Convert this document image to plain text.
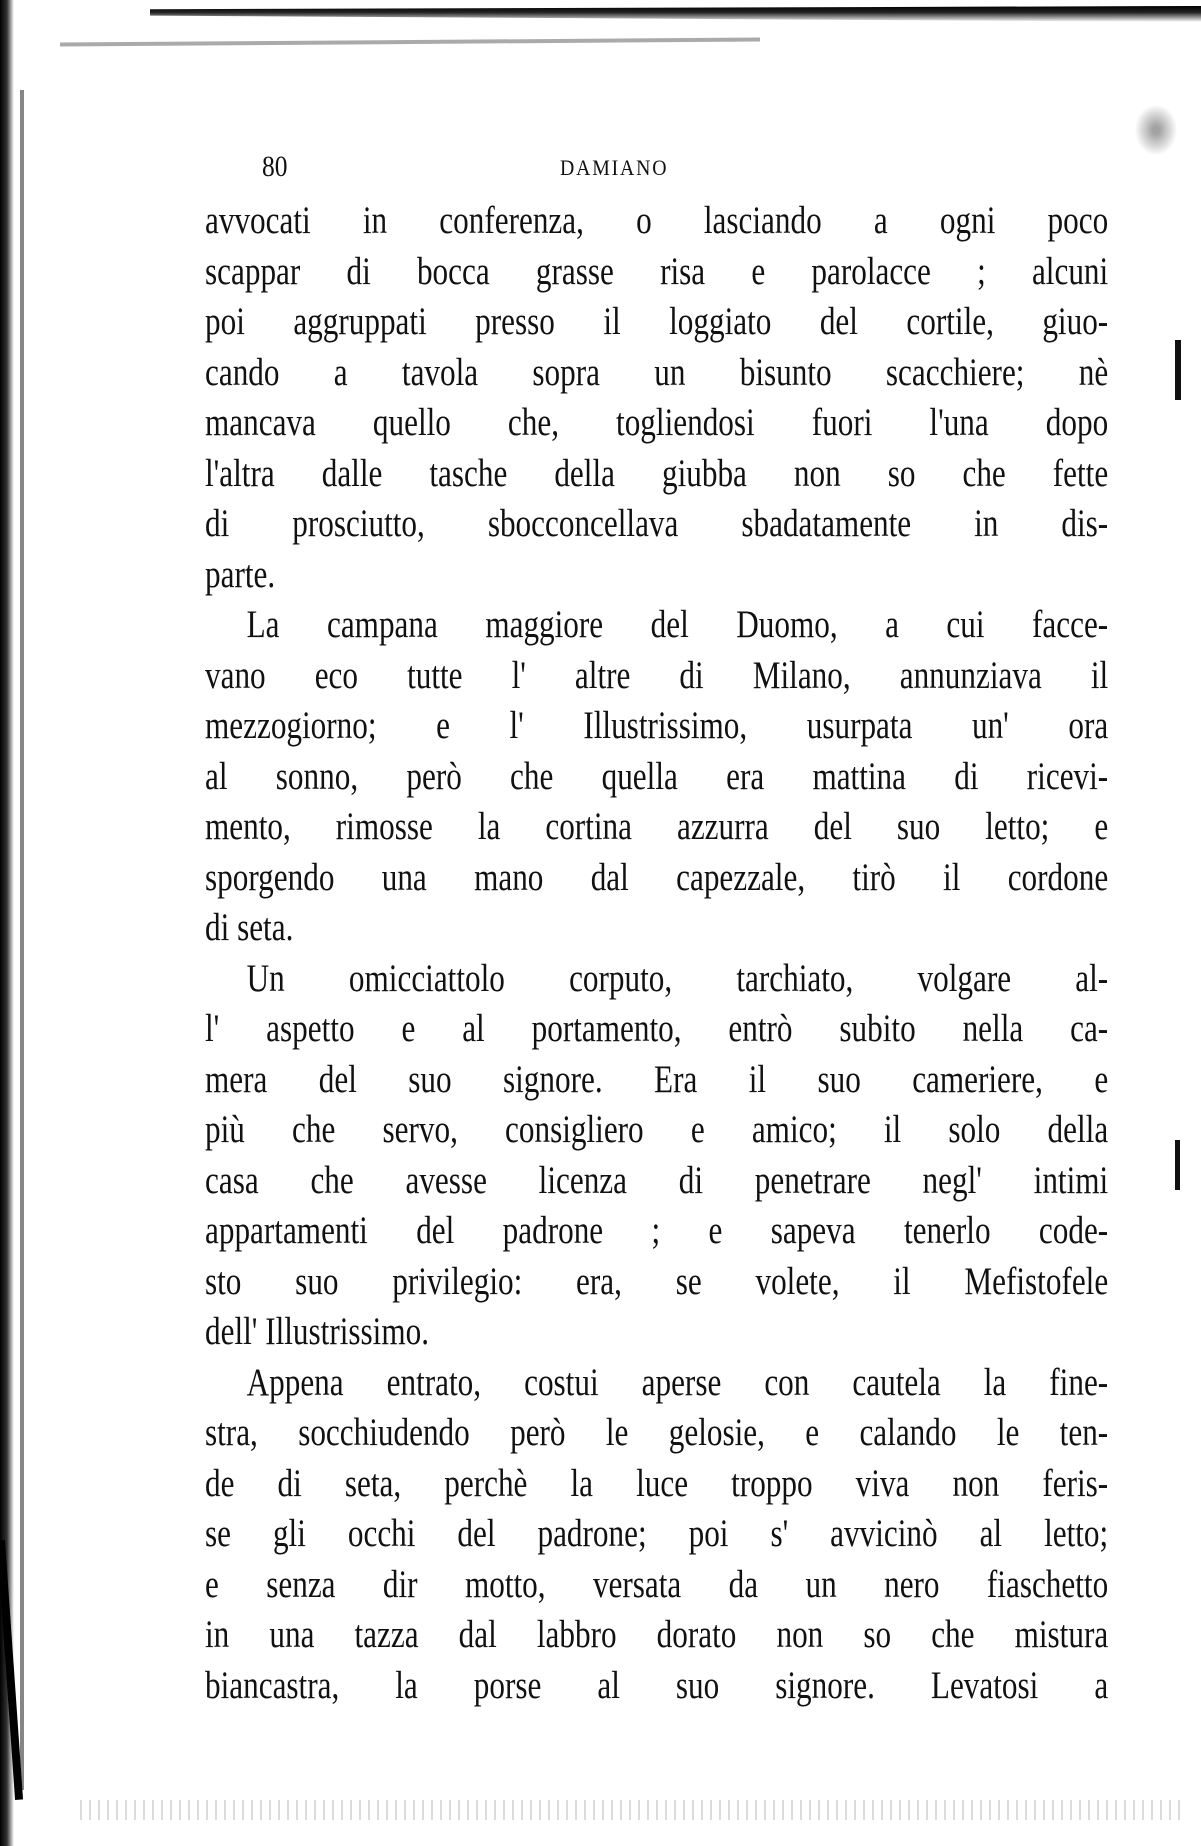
80	DAMIANO
avvocati in conferenza, o lasciando a ogni poco
scappar di bocca grasse risa e parolacce ; alcuni
poi aggruppati presso il loggiato del cortile, giuo-
cando a tavola sopra un bisunto scacchiere; nè
mancava quello che, togliendosi fuori l'una dopo
l'altra dalle tasche della giubba non so che fette
di prosciutto, sbocconcellava sbadatamente in dis-
parte.
La campana maggiore del Duomo, a cui facce-
vano eco tutte l' altre di Milano, annunziava il
mezzogiorno; e l' Illustrissimo, usurpata un' ora
al sonno, però che quella era mattina di ricevi-
mento, rimosse la cortina azzurra del suo letto; e
sporgendo una mano dal capezzale, tirò il cordone
di seta.
Un omicciattolo corputo, tarchiato, volgare al-
l' aspetto e al portamento, entrò subito nella ca-
mera del suo signore. Era il suo cameriere, e
più che servo, consigliero e amico; il solo della
casa che avesse licenza di penetrare negl' intimi
appartamenti del padrone ; e sapeva tenerlo code-
sto suo privilegio: era, se volete, il Mefistofele
dell' Illustrissimo.
Appena entrato, costui aperse con cautela la fine-
stra, socchiudendo però le gelosie, e calando le ten-
de di seta, perchè la luce troppo viva non feris-
se gli occhi del padrone; poi s' avvicinò al letto;
e senza dir motto, versata da un nero fiaschetto
in una tazza dal labbro dorato non so che mistura
biancastra, la porse al suo signore. Levatosi a
